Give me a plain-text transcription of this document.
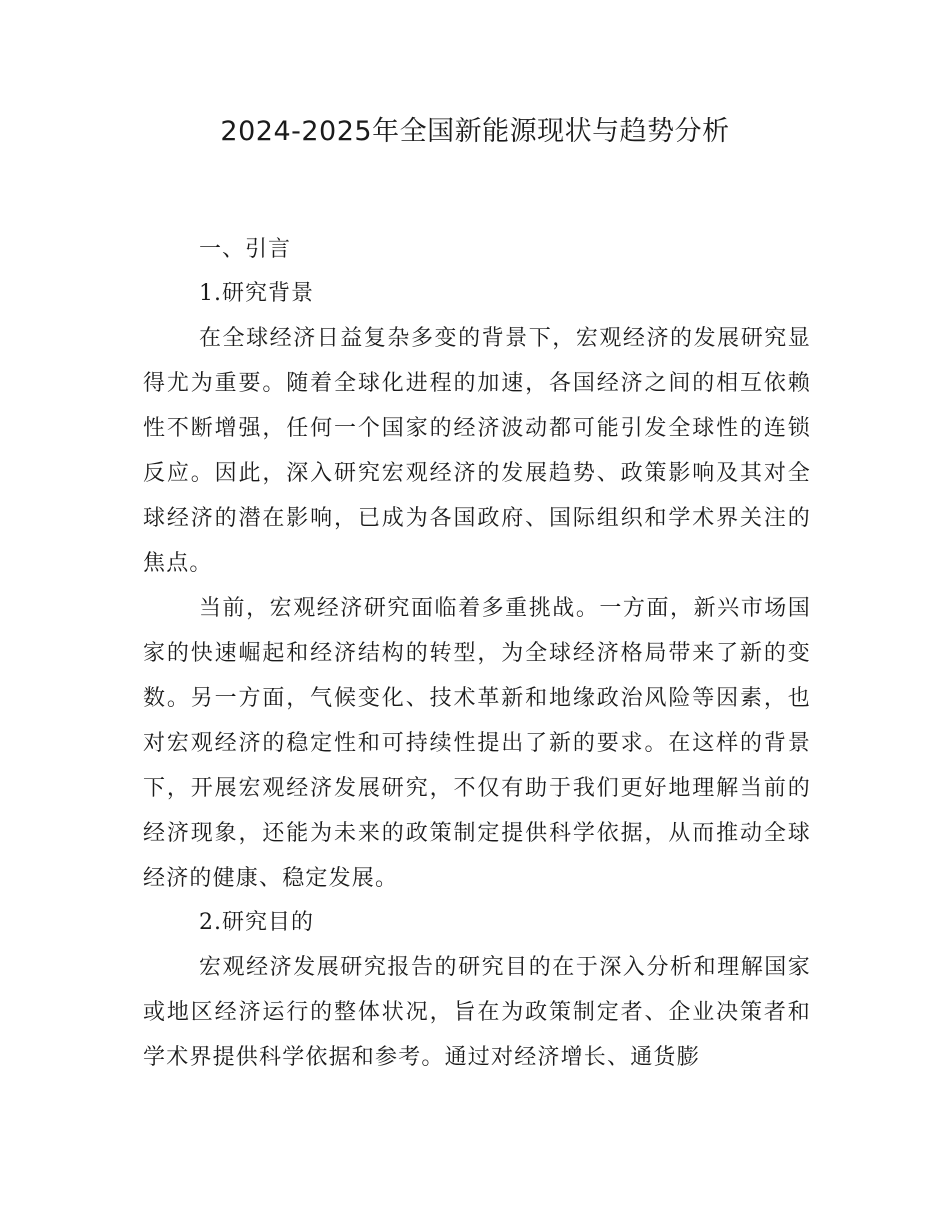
2024-2025年全国新能源现状与趋势分析
一、引言
1.研究背景

在全球经济日益复杂多变的背景下，宏观经济的发展研究显得尤为重要。随着全球化进程的加速，各国经济之间的相互依赖性不断增强，任何一个国家的经济波动都可能引发全球性的连锁反应。因此，深入研究宏观经济的发展趋势、政策影响及其对全球经济的潜在影响，已成为各国政府、国际组织和学术界关注的焦点。

当前，宏观经济研究面临着多重挑战。一方面，新兴市场国家的快速崛起和经济结构的转型，为全球经济格局带来了新的变数。另一方面，气候变化、技术革新和地缘政治风险等因素，也对宏观经济的稳定性和可持续性提出了新的要求。在这样的背景下，开展宏观经济发展研究，不仅有助于我们更好地理解当前的经济现象，还能为未来的政策制定提供科学依据，从而推动全球经济的健康、稳定发展。

2.研究目的

宏观经济发展研究报告的研究目的在于深入分析和理解国家或地区经济运行的整体状况，旨在为政策制定者、企业决策者和学术界提供科学依据和参考。通过对经济增长、通货膨
